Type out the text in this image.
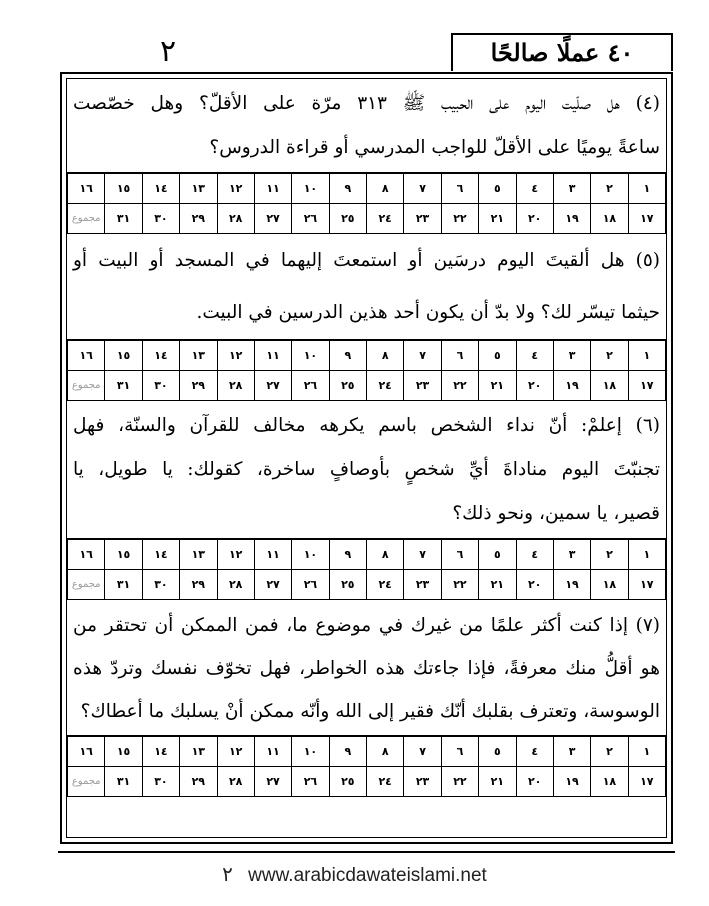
٢	٤٠ عملًا صالحًا

(٤) هل صلّيت اليوم على الحبيب ﷺ ٣١٣ مرّة على الأقلّ؟ وهل خصّصت

ساعةً يوميًا على الأقلّ للواجب المدرسي أو قراءة الدروس؟

١	٢	٣	٤	٥	٦	٧	٨	٩	١٠	١١	١٢	١٣	١٤	١٥	١٦
١٧	١٨	١٩	٢٠	٢١	٢٢	٢٣	٢٤	٢٥	٢٦	٢٧	٢٨	٢٩	٣٠	٣١	مجموع

(٥) هل ألقيتَ اليوم درسَين أو استمعتَ إليهما في المسجد أو البيت أو

حيثما تيسّر لك؟ ولا بدّ أن يكون أحد هذين الدرسين في البيت.

١	٢	٣	٤	٥	٦	٧	٨	٩	١٠	١١	١٢	١٣	١٤	١٥	١٦
١٧	١٨	١٩	٢٠	٢١	٢٢	٢٣	٢٤	٢٥	٢٦	٢٧	٢٨	٢٩	٣٠	٣١	مجموع

(٦) إعلمْ: أنّ نداء الشخص باسم يكرهه مخالف للقرآن والسنّة، فهل

تجنبّتَ اليوم مناداةَ أيِّ شخصٍ بأوصافٍ ساخرة، كقولك: يا طويل، يا

قصير، يا سمين، ونحو ذلك؟

١	٢	٣	٤	٥	٦	٧	٨	٩	١٠	١١	١٢	١٣	١٤	١٥	١٦
١٧	١٨	١٩	٢٠	٢١	٢٢	٢٣	٢٤	٢٥	٢٦	٢٧	٢٨	٢٩	٣٠	٣١	مجموع

(٧) إذا كنت أكثر علمًا من غيرك في موضوع ما، فمن الممكن أن تحتقر من

هو أقلُّ منك معرفةً، فإذا جاءتك هذه الخواطر، فهل تخوّف نفسك وتردّ هذه

الوسوسة، وتعترف بقلبك أنّك فقير إلى الله وأنّه ممكن أنْ يسلبك ما أعطاك؟

١	٢	٣	٤	٥	٦	٧	٨	٩	١٠	١١	١٢	١٣	١٤	١٥	١٦
١٧	١٨	١٩	٢٠	٢١	٢٢	٢٣	٢٤	٢٥	٢٦	٢٧	٢٨	٢٩	٣٠	٣١	مجموع
٢ www.arabicdawateislami.net
